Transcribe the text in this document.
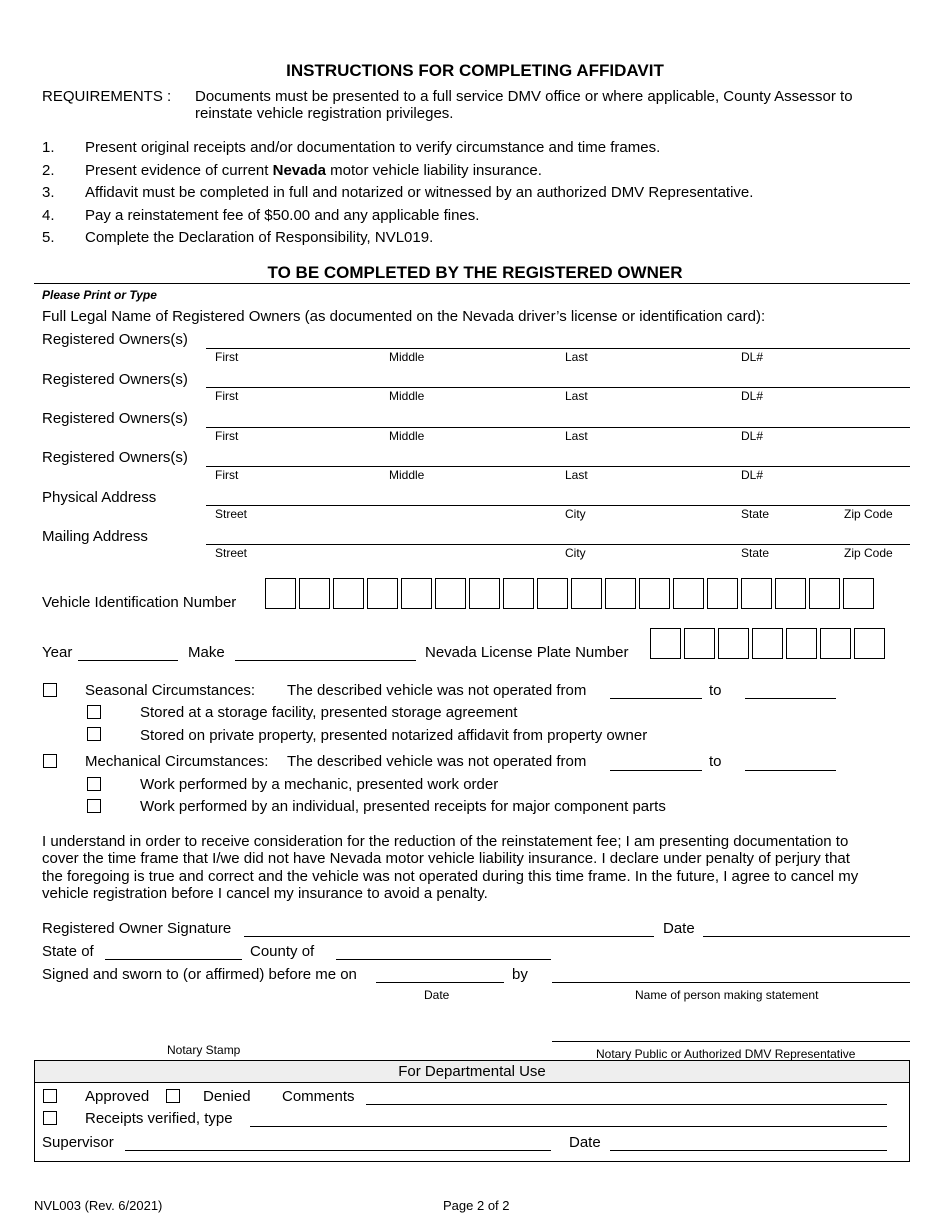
INSTRUCTIONS FOR COMPLETING AFFIDAVIT
REQUIREMENTS : Documents must be presented to a full service DMV office or where applicable, County Assessor to
reinstate vehicle registration privileges.
1. Present original receipts and/or documentation to verify circumstance and time frames.
2. Present evidence of current Nevada motor vehicle liability insurance.
3. Affidavit must be completed in full and notarized or witnessed by an authorized DMV Representative.
4. Pay a reinstatement fee of $50.00 and any applicable fines.
5. Complete the Declaration of Responsibility, NVL019.
TO BE COMPLETED BY THE REGISTERED OWNER
Please Print or Type
Full Legal Name of Registered Owners (as documented on the Nevada driver’s license or identification card):
Registered Owners(s)
First	Middle	Last	DL#
Registered Owners(s)
First	Middle	Last	DL#
Registered Owners(s)
First	Middle	Last	DL#
Registered Owners(s)
First	Middle	Last	DL#
Physical Address
Street	City	State	Zip Code
Mailing Address
Street	City	State	Zip Code
Vehicle Identification Number
Year	Make	Nevada License Plate Number
Seasonal Circumstances: The described vehicle was not operated from	to
Stored at a storage facility, presented storage agreement
Stored on private property, presented notarized affidavit from property owner
Mechanical Circumstances: The described vehicle was not operated from	to
Work performed by a mechanic, presented work order
Work performed by an individual, presented receipts for major component parts
I understand in order to receive consideration for the reduction of the reinstatement fee; I am presenting documentation to
cover the time frame that I/we did not have Nevada motor vehicle liability insurance. I declare under penalty of perjury that
the foregoing is true and correct and the vehicle was not operated during this time frame. In the future, I agree to cancel my
vehicle registration before I cancel my insurance to avoid a penalty.
Registered Owner Signature	Date
State of	County of
Signed and sworn to (or affirmed) before me on	by
Date	Name of person making statement
Notary Stamp	Notary Public or Authorized DMV Representative
For Departmental Use
Approved	Denied Comments
Receipts verified, type
Supervisor	Date
NVL003 (Rev. 6/2021)	Page 2 of 2
